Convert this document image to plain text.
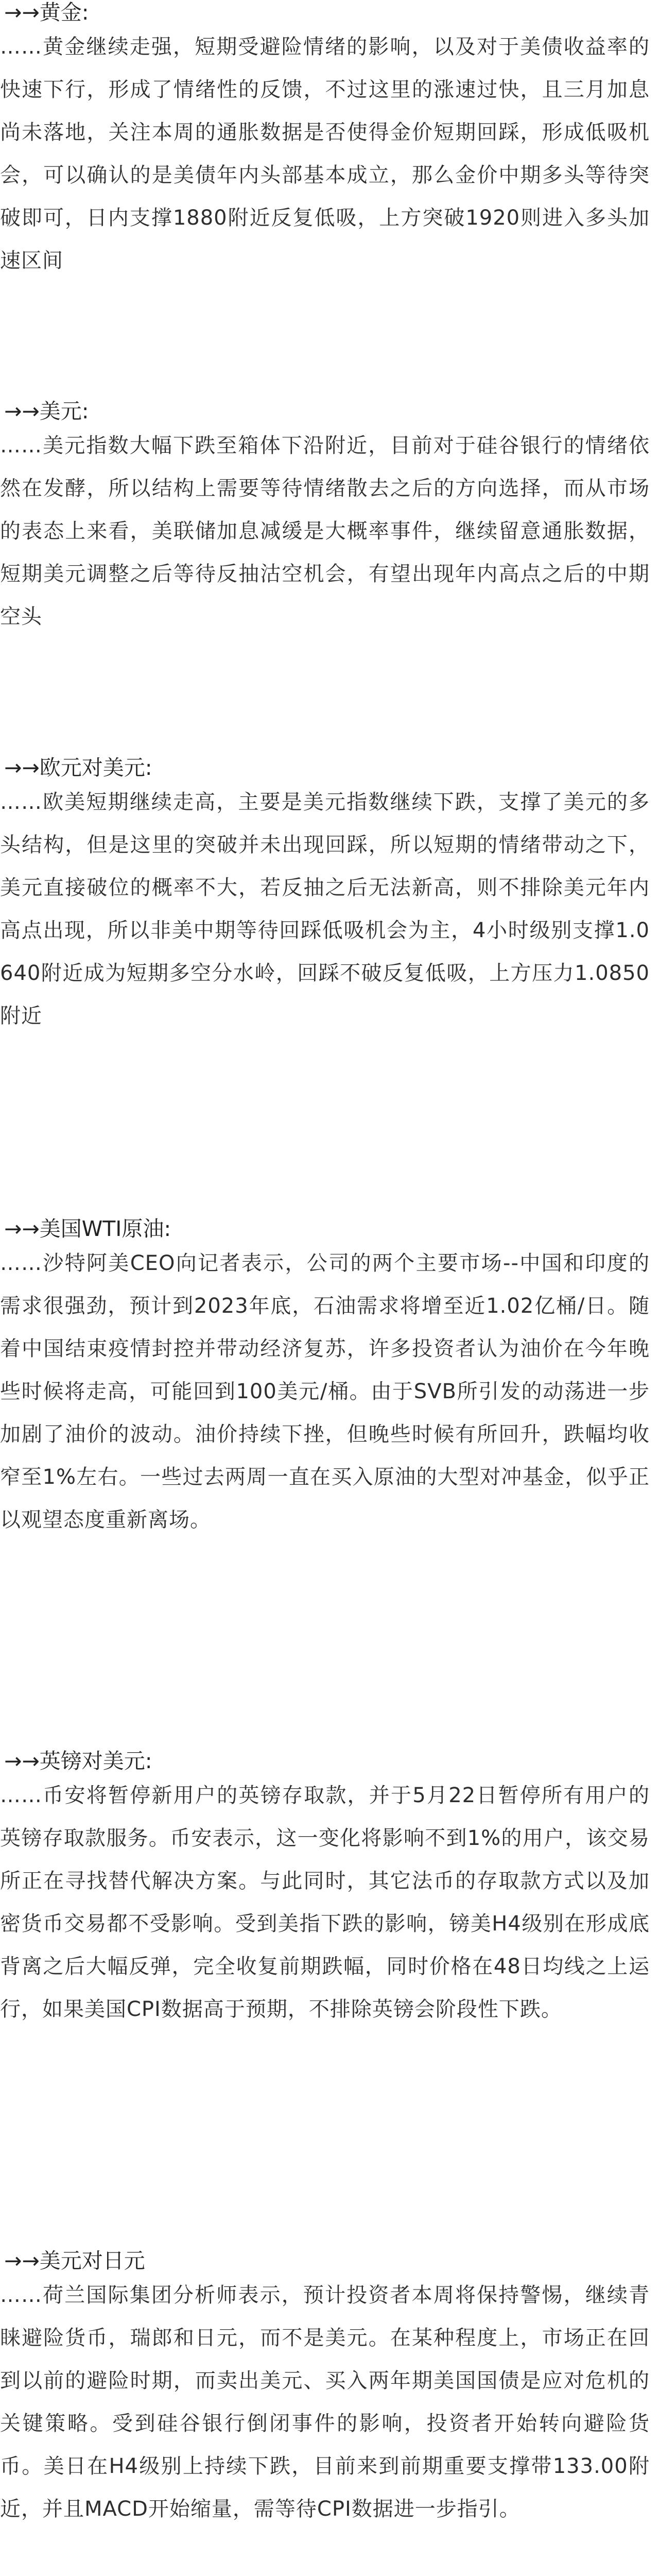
→→黄金:
……黄金继续走强，短期受避险情绪的影响，以及对于美债收益率的快速下行，形成了情绪性的反馈，不过这里的涨速过快，且三月加息尚未落地，关注本周的通胀数据是否使得金价短期回踩，形成低吸机会，可以确认的是美债年内头部基本成立，那么金价中期多头等待突破即可，日内支撑1880附近反复低吸，上方突破1920则进入多头加速区间
→→美元:
……美元指数大幅下跌至箱体下沿附近，目前对于硅谷银行的情绪依然在发酵，所以结构上需要等待情绪散去之后的方向选择，而从市场的表态上来看，美联储加息减缓是大概率事件，继续留意通胀数据，短期美元调整之后等待反抽沽空机会，有望出现年内高点之后的中期空头
→→欧元对美元:
……欧美短期继续走高，主要是美元指数继续下跌，支撑了美元的多头结构，但是这里的突破并未出现回踩，所以短期的情绪带动之下，美元直接破位的概率不大，若反抽之后无法新高，则不排除美元年内高点出现，所以非美中期等待回踩低吸机会为主，4小时级别支撑1.0640附近成为短期多空分水岭，回踩不破反复低吸，上方压力1.0850附近
→→美国WTI原油:
……沙特阿美CEO向记者表示，公司的两个主要市场--中国和印度的需求很强劲，预计到2023年底，石油需求将增至近1.02亿桶/日。随着中国结束疫情封控并带动经济复苏，许多投资者认为油价在今年晚些时候将走高，可能回到100美元/桶。由于SVB所引发的动荡进一步加剧了油价的波动。油价持续下挫，但晚些时候有所回升，跌幅均收窄至1%左右。一些过去两周一直在买入原油的大型对冲基金，似乎正以观望态度重新离场。
→→英镑对美元:
……币安将暂停新用户的英镑存取款，并于5月22日暂停所有用户的英镑存取款服务。币安表示，这一变化将影响不到1%的用户，该交易所正在寻找替代解决方案。与此同时，其它法币的存取款方式以及加密货币交易都不受影响。受到美指下跌的影响，镑美H4级别在形成底背离之后大幅反弹，完全收复前期跌幅，同时价格在48日均线之上运行，如果美国CPI数据高于预期，不排除英镑会阶段性下跌。
→→美元对日元
……荷兰国际集团分析师表示，预计投资者本周将保持警惕，继续青睐避险货币，瑞郎和日元，而不是美元。在某种程度上，市场正在回到以前的避险时期，而卖出美元、买入两年期美国国债是应对危机的关键策略。受到硅谷银行倒闭事件的影响，投资者开始转向避险货币。美日在H4级别上持续下跌，目前来到前期重要支撑带133.00附近，并且MACD开始缩量，需等待CPI数据进一步指引。
